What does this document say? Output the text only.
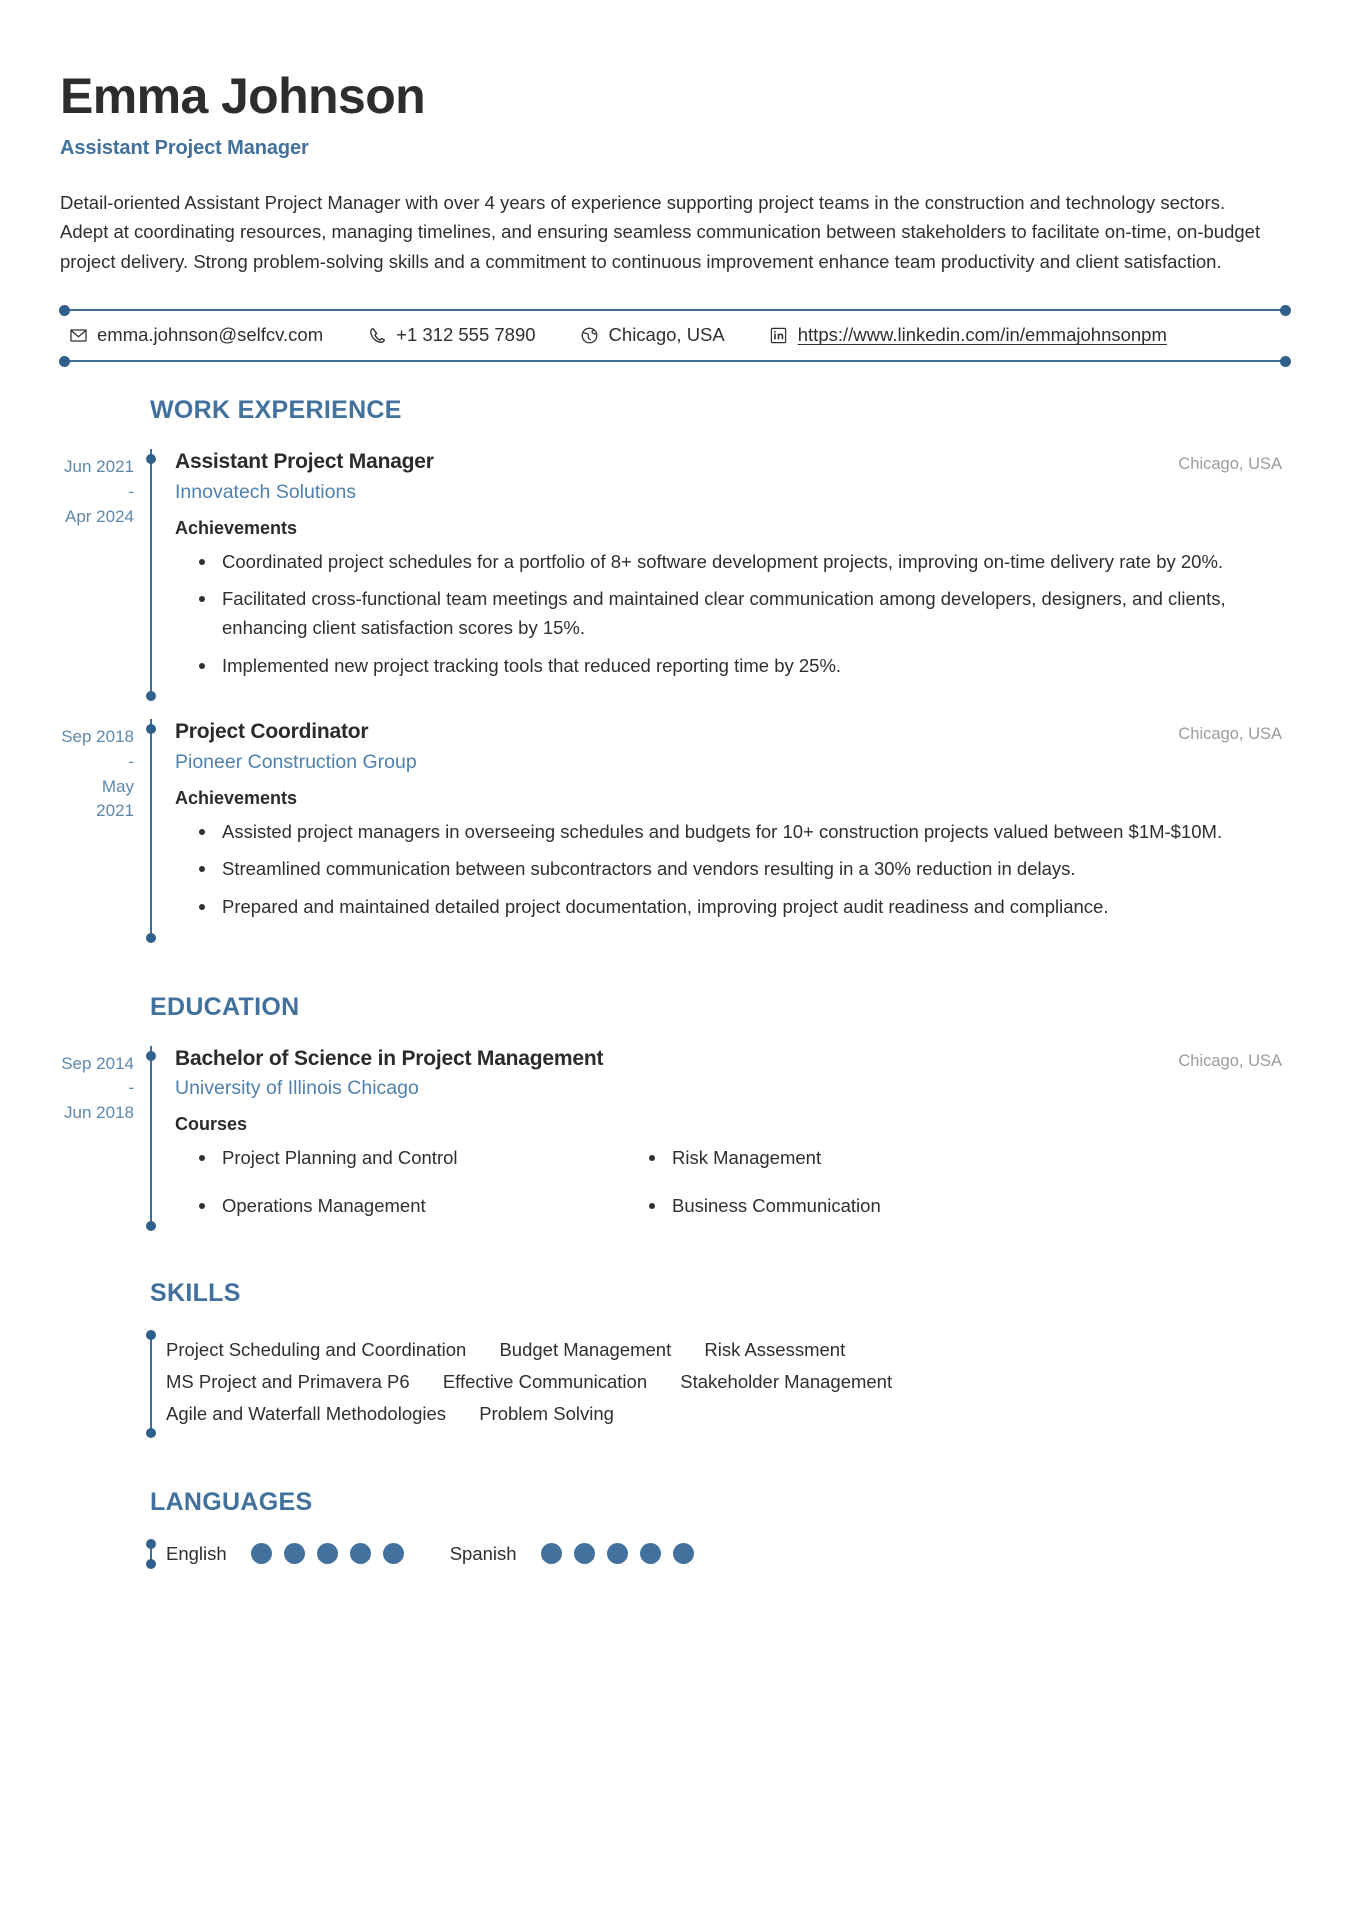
Emma Johnson
Assistant Project Manager

Detail-oriented Assistant Project Manager with over 4 years of experience supporting project teams in the construction and technology sectors. Adept at coordinating resources, managing timelines, and ensuring seamless communication between stakeholders to facilitate on-time, on-budget project delivery. Strong problem-solving skills and a commitment to continuous improvement enhance team productivity and client satisfaction.

emma.johnson@selfcv.com	+1 312 555 7890	Chicago, USA	https://www.linkedin.com/in/emmajohnsonpm
WORK EXPERIENCE
Jun 2021
-
Apr 2024
Assistant Project Manager	Chicago, USA
Innovatech Solutions
Achievements
Coordinated project schedules for a portfolio of 8+ software development projects, improving on-time delivery rate by 20%.
Facilitated cross-functional team meetings and maintained clear communication among developers, designers, and clients, enhancing client satisfaction scores by 15%.
Implemented new project tracking tools that reduced reporting time by 25%.
Sep 2018
-
May 2021
Project Coordinator	Chicago, USA
Pioneer Construction Group
Achievements
Assisted project managers in overseeing schedules and budgets for 10+ construction projects valued between $1M-$10M.
Streamlined communication between subcontractors and vendors resulting in a 30% reduction in delays.
Prepared and maintained detailed project documentation, improving project audit readiness and compliance.
EDUCATION
Sep 2014
-
Jun 2018
Bachelor of Science in Project Management	Chicago, USA
University of Illinois Chicago
Courses
Project Planning and Control	Risk Management
Operations Management	Business Communication
SKILLS
Project Scheduling and Coordination Budget Management Risk Assessment
MS Project and Primavera P6 Effective Communication Stakeholder Management
Agile and Waterfall Methodologies Problem Solving
LANGUAGES
English	Spanish
